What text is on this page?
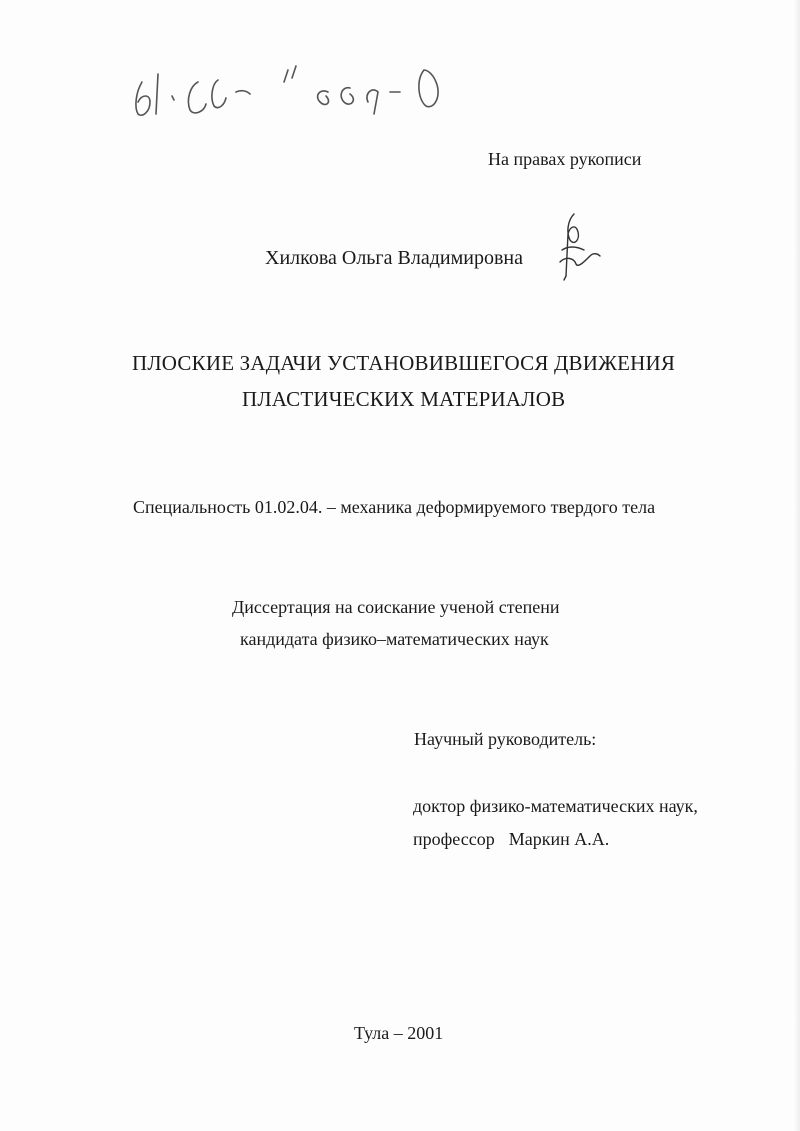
На правах рукописи
Хилкова Ольга Владимировна
ПЛОСКИЕ ЗАДАЧИ УСТАНОВИВШЕГОСЯ ДВИЖЕНИЯ
ПЛАСТИЧЕСКИХ МАТЕРИАЛОВ
Специальность 01.02.04. – механика деформируемого твердого тела
Диссертация на соискание ученой степени
кандидата физико–математических наук
Научный руководитель:
доктор физико-математических наук,
профессор Маркин А.А.
Тула – 2001
